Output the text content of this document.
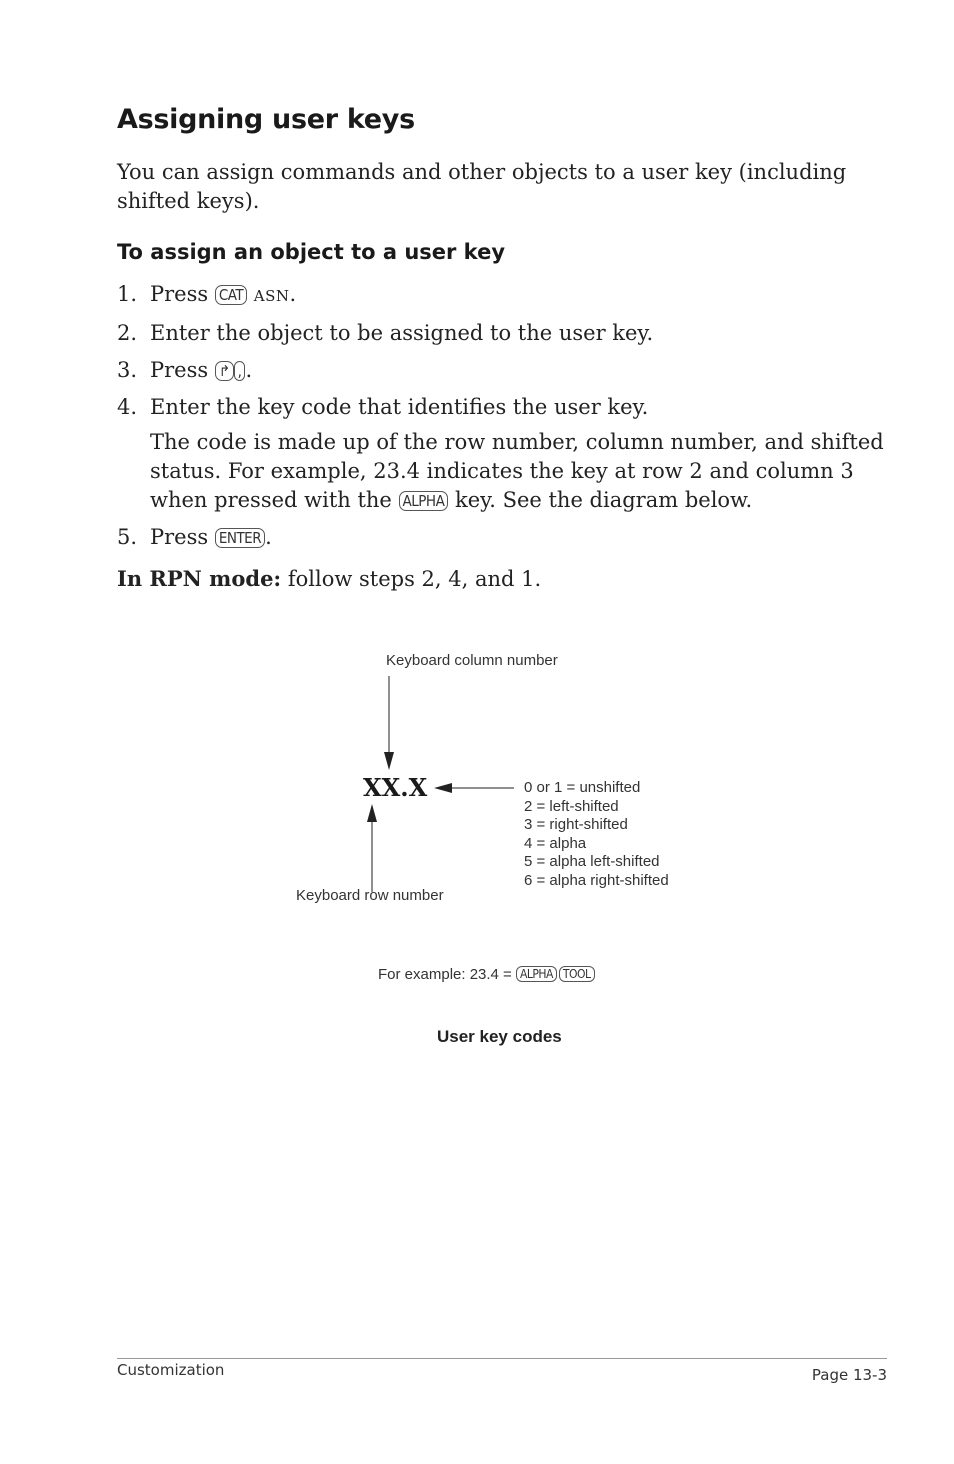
Assigning user keys
You can assign commands and other objects to a user key (including shifted keys).
To assign an object to a user key
1. Press CAT ASN.
2. Enter the object to be assigned to the user key.
3. Press ↱ , .
4. Enter the key code that identifies the user key.
The code is made up of the row number, column number, and shifted status. For example, 23.4 indicates the key at row 2 and column 3 when pressed with the ALPHA key. See the diagram below.
5. Press ENTER .
In RPN mode: follow steps 2, 4, and 1.
Keyboard column number
XX.X	0 or 1 = unshifted
2 = left-shifted
3 = right-shifted
4 = alpha
5 = alpha left-shifted
6 = alpha right-shifted
Keyboard row number
For example: 23.4 = ALPHA TOOL
User key codes
Customization	Page 13-3
